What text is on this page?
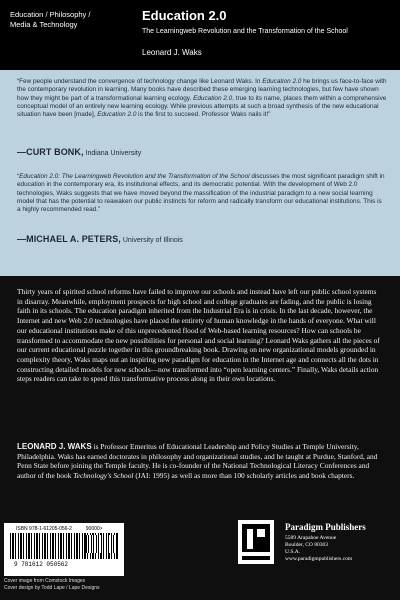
Education / Philosophy /
Media & Technology
Education 2.0
The Learningweb Revolution and the Transformation of the School
Leonard J. Waks
“Few people understand the convergence of technology change like Leonard Waks. In Education 2.0 he brings us face-to-face with the contemporary revolution in learning. Many books have described these emerging learning technologies, but few have shown how they might be part of a transformational learning ecology. Education 2.0, true to its name, places them within a comprehensive conceptual model of an entirely new learning ecology. While previous attempts at such a broad synthesis of the new educational situation have been [made], Education 2.0 is the first to succeed. Professor Waks nails it!”
—CURT BONK, Indiana University
“Education 2.0: The Learningweb Revolution and the Transformation of the School discusses the most significant paradigm shift in education in the contemporary era, its institutional effects, and its democratic potential. With the development of Web 2.0 technologies, Waks suggests that we have moved beyond the massification of the industrial paradigm to a new social learning model that has the potential to reawaken our public instincts for reform and radically transform our educational institutions. This is a highly recommended read.”
—MICHAEL A. PETERS, University of Illinois
Thirty years of spirited school reforms have failed to improve our schools and instead have left our public school systems in disarray. Meanwhile, employment prospects for high school and college graduates are fading, and the public is losing faith in its schools. The education paradigm inherited from the Industrial Era is in crisis. In the last decade, however, the Internet and new Web 2.0 technologies have placed the entirety of human knowledge in the hands of everyone. What will our educational institutions make of this unprecedented flood of Web-based learning resources? How can schools be transformed to accommodate the new possibilities for personal and social learning? Leonard Waks gathers all the pieces of our current educational puzzle together in this groundbreaking book. Drawing on new organizational models grounded in complexity theory, Waks maps out an inspiring new paradigm for education in the Internet age and connects all the dots in constructing detailed models for new schools—now transformed into “open learning centers.” Finally, Waks details action steps readers can take to speed this transformative process along in their own locations.
LEONARD J. WAKS is Professor Emeritus of Educational Leadership and Policy Studies at Temple University, Philadelphia. Waks has earned doctorates in philosophy and organizational studies, and he taught at Purdue, Stanford, and Penn State before joining the Temple faculty. He is co-founder of the National Technological Literacy Conferences and author of the book Technology's School (JAI: 1995) as well as more than 100 scholarly articles and book chapters.
ISBN 978-1-61205-056-2	90000>
9 781612 050562
Cover image from Comstock Images
Cover design by Todd Lape / Lape Designs
Paradigm Publishers
5589 Arapahoe Avenue
Boulder, CO 80303
U.S.A.
www.paradigmpublishers.com
